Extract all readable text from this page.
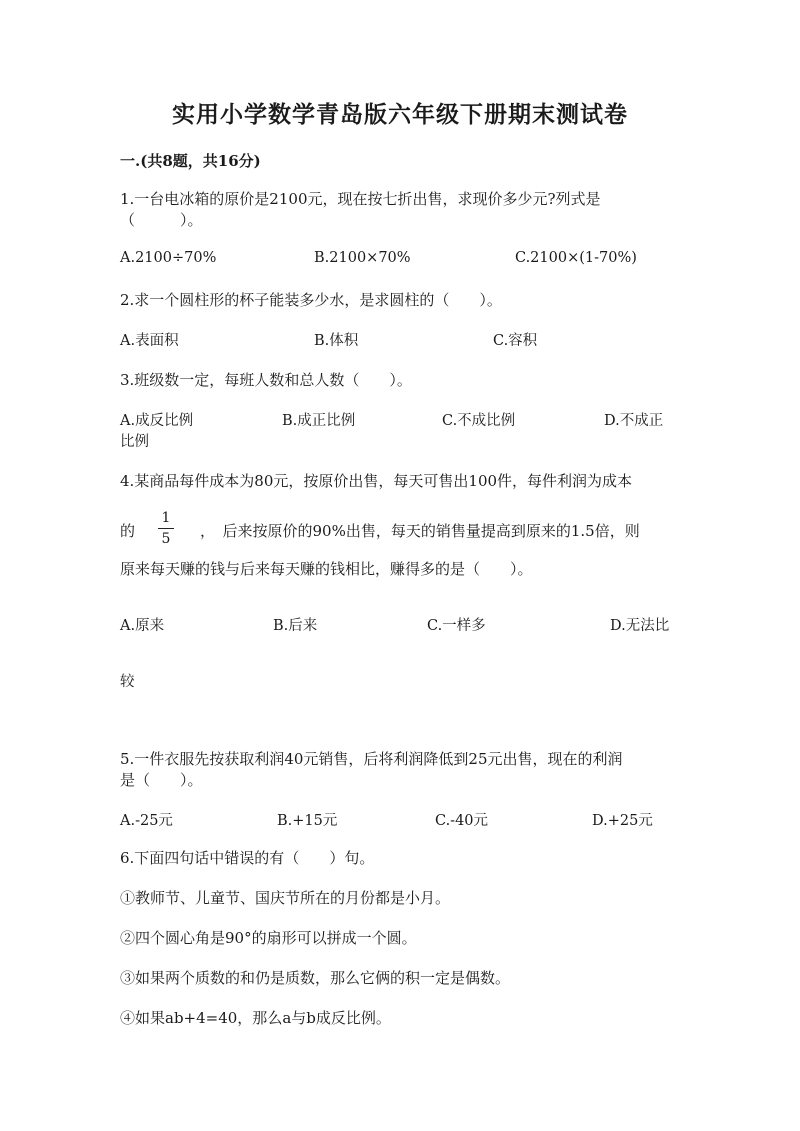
实用小学数学青岛版六年级下册期末测试卷
一.(共8题，共16分)
1.一台电冰箱的原价是2100元，现在按七折出售，求现价多少元?列式是
（　　　）。
A.2100÷70%	B.2100×70%	C.2100×(1-70%)
2.求一个圆柱形的杯子能装多少水，是求圆柱的（　　）。
A.表面积	B.体积	C.容积
3.班级数一定，每班人数和总人数（　　）。
A.成反比例	B.成正比例	C.不成比例	D.不成正
比例
4.某商品每件成本为80元，按原价出售，每天可售出100件，每件利润为成本
的
1
5	，　后来按原价的90%出售，每天的销售量提高到原来的1.5倍，则
原来每天赚的钱与后来每天赚的钱相比，赚得多的是（　　）。
A.原来	B.后来	C.一样多	D.无法比
较
5.一件衣服先按获取利润40元销售，后将利润降低到25元出售，现在的利润
是（　　）。
A.-25元	B.+15元	C.-40元	D.+25元
6.下面四句话中错误的有（　　）句。
①教师节、儿童节、国庆节所在的月份都是小月。
②四个圆心角是90°的扇形可以拼成一个圆。
③如果两个质数的和仍是质数，那么它俩的积一定是偶数。
④如果ab+4=40，那么a与b成反比例。
